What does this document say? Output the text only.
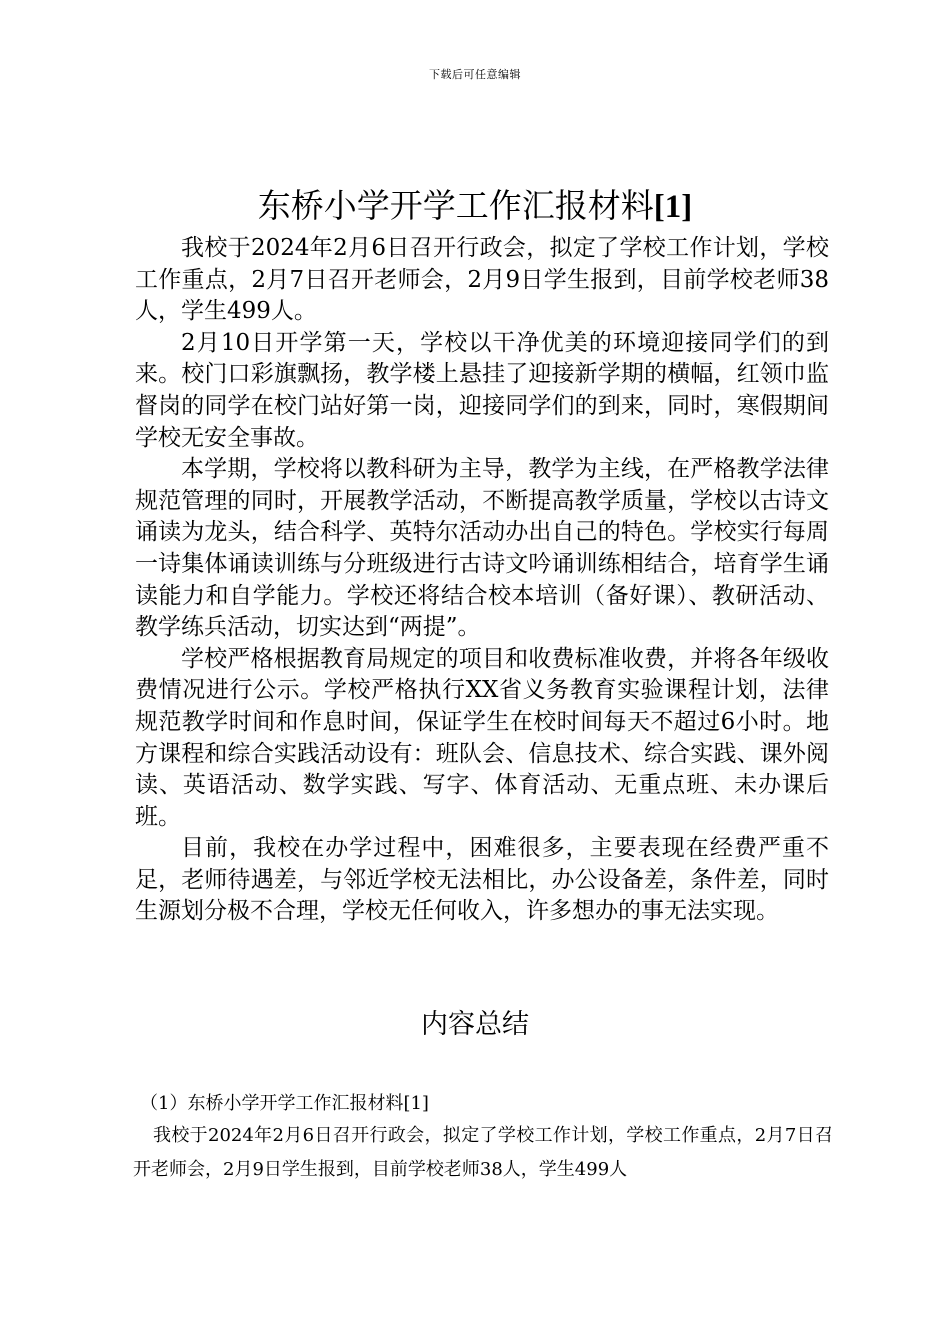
下载后可任意编辑
东桥小学开学工作汇报材料[1]

我校于2024年2月6日召开行政会，拟定了学校工作计划，学校工作重点，2月7日召开老师会，2月9日学生报到，目前学校老师38人，学生499人。

2月10日开学第一天，学校以干净优美的环境迎接同学们的到来。校门口彩旗飘扬，教学楼上悬挂了迎接新学期的横幅，红领巾监督岗的同学在校门站好第一岗，迎接同学们的到来，同时，寒假期间学校无安全事故。

本学期，学校将以教科研为主导，教学为主线，在严格教学法律规范管理的同时，开展教学活动，不断提高教学质量，学校以古诗文诵读为龙头，结合科学、英特尔活动办出自己的特色。学校实行每周一诗集体诵读训练与分班级进行古诗文吟诵训练相结合，培育学生诵读能力和自学能力。学校还将结合校本培训（备好课）、教研活动、教学练兵活动，切实达到“两提”。

学校严格根据教育局规定的项目和收费标准收费，并将各年级收费情况进行公示。学校严格执行XX省义务教育实验课程计划，法律规范教学时间和作息时间，保证学生在校时间每天不超过6小时。地方课程和综合实践活动设有：班队会、信息技术、综合实践、课外阅读、英语活动、数学实践、写字、体育活动、无重点班、未办课后班。

目前，我校在办学过程中，困难很多，主要表现在经费严重不足，老师待遇差，与邻近学校无法相比，办公设备差，条件差，同时生源划分极不合理，学校无任何收入，许多想办的事无法实现。

内容总结
（1）东桥小学开学工作汇报材料[1]

我校于2024年2月6日召开行政会，拟定了学校工作计划，学校工作重点，2月7日召开老师会，2月9日学生报到，目前学校老师38人，学生499人
